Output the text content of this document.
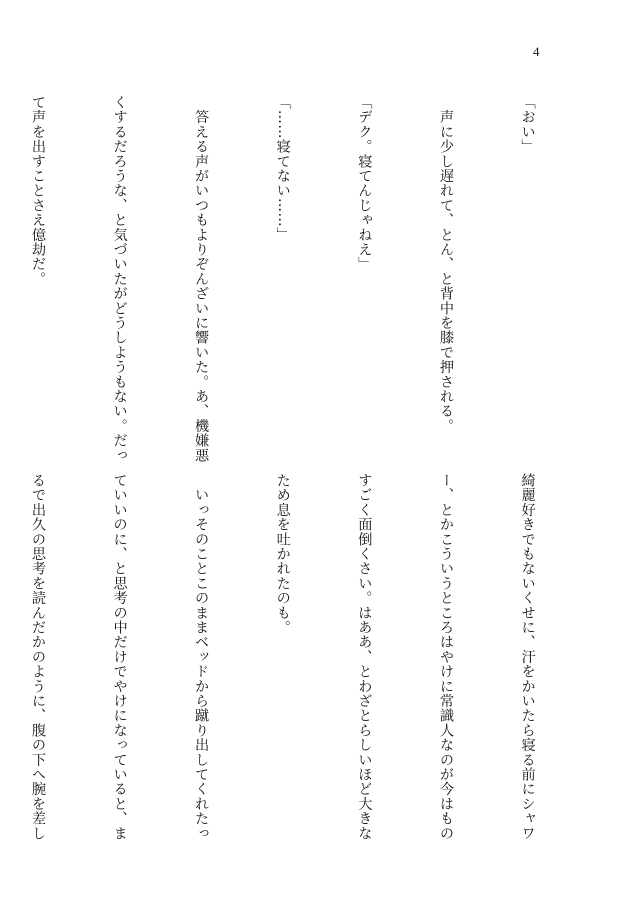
4

「おい」

　声に少し遅れて、とん、と背中を膝で押される。

「デク。寝てんじゃねえ」

「……寝てない……」

　答える声がいつもよりぞんざいに響いた。あ、機嫌悪

くするだろうな、と気づいたがどうしようもない。だっ

て声を出すことさえ億劫だ。

綺麗好きでもないくせに、汗をかいたら寝る前にシャワ

ー、とかこういうところはやけに常識人なのが今はもの

すごく面倒くさい。はああ、とわざとらしいほど大きな

ため息を吐かれたのも。

　いっそのことこのままベッドから蹴り出してくれたっ

ていいのに、と思考の中だけでやけになっていると、ま

るで出久の思考を読んだかのように、腹の下へ腕を差し
